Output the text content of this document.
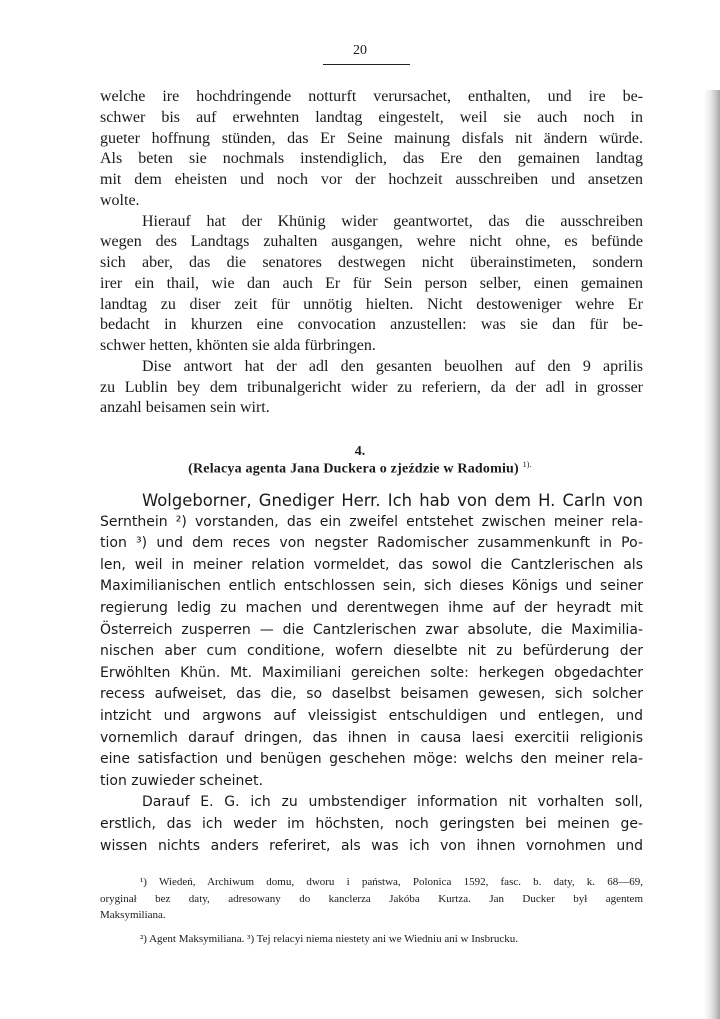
20
welche ire hochdringende notturft verursachet, enthalten, und ire be-
schwer bis auf erwehnten landtag eingestelt, weil sie auch noch in
gueter hoffnung stünden, das Er Seine mainung disfals nit ändern würde.
Als beten sie nochmals instendiglich, das Ere den gemainen landtag
mit dem eheisten und noch vor der hochzeit ausschreiben und ansetzen
wolte.
Hierauf hat der Khünig wider geantwortet, das die ausschreiben
wegen des Landtags zuhalten ausgangen, wehre nicht ohne, es befünde
sich aber, das die senatores destwegen nicht überainstimeten, sondern
irer ein thail, wie dan auch Er für Sein person selber, einen gemainen
landtag zu diser zeit für unnötig hielten. Nicht destoweniger wehre Er
bedacht in khurzen eine convocation anzustellen: was sie dan für be-
schwer hetten, khönten sie alda fürbringen.
Dise antwort hat der adl den gesanten beuolhen auf den 9 aprilis
zu Lublin bey dem tribunalgericht wider zu referiern, da der adl in grosser
anzahl beisamen sein wirt.
4.
(Relacya agenta Jana Duckera o zjeździe w Radomiu) $^{1).}$
Wolgeborner, Gnediger Herr. Ich hab von dem H. Carln von
Sernthein ²) vorstanden, das ein zweifel entstehet zwischen meiner rela-
tion ³) und dem reces von negster Radomischer zusammenkunft in Po-
len, weil in meiner relation vormeldet, das sowol die Cantzlerischen als
Maximilianischen entlich entschlossen sein, sich dieses Königs und seiner
regierung ledig zu machen und derentwegen ihme auf der heyradt mit
Österreich zusperren — die Cantzlerischen zwar absolute, die Maximilia-
nischen aber cum conditione, wofern dieselbte nit zu befürderung der
Erwöhlten Khün. Mt. Maximiliani gereichen solte: herkegen obgedachter
recess aufweiset, das die, so daselbst beisamen gewesen, sich solcher
intzicht und argwons auf vleissigist entschuldigen und entlegen, und
vornemlich darauf dringen, das ihnen in causa laesi exercitii religionis
eine satisfaction und benügen geschehen möge: welchs den meiner rela-
tion zuwieder scheinet.
Darauf E. G. ich zu umbstendiger information nit vorhalten soll,
erstlich, das ich weder im höchsten, noch geringsten bei meinen ge-
wissen nichts anders referiret, als was ich von ihnen vornohmen und
¹) Wiedeń, Archiwum domu, dworu i państwa, Polonica 1592, fasc. b. daty, k. 68—69,
oryginał bez daty, adresowany do kanclerza Jakóba Kurtza. Jan Ducker był agentem
Maksymiliana.
²) Agent Maksymiliana. ³) Tej relacyi niema niestety ani we Wiedniu ani w Insbrucku.
